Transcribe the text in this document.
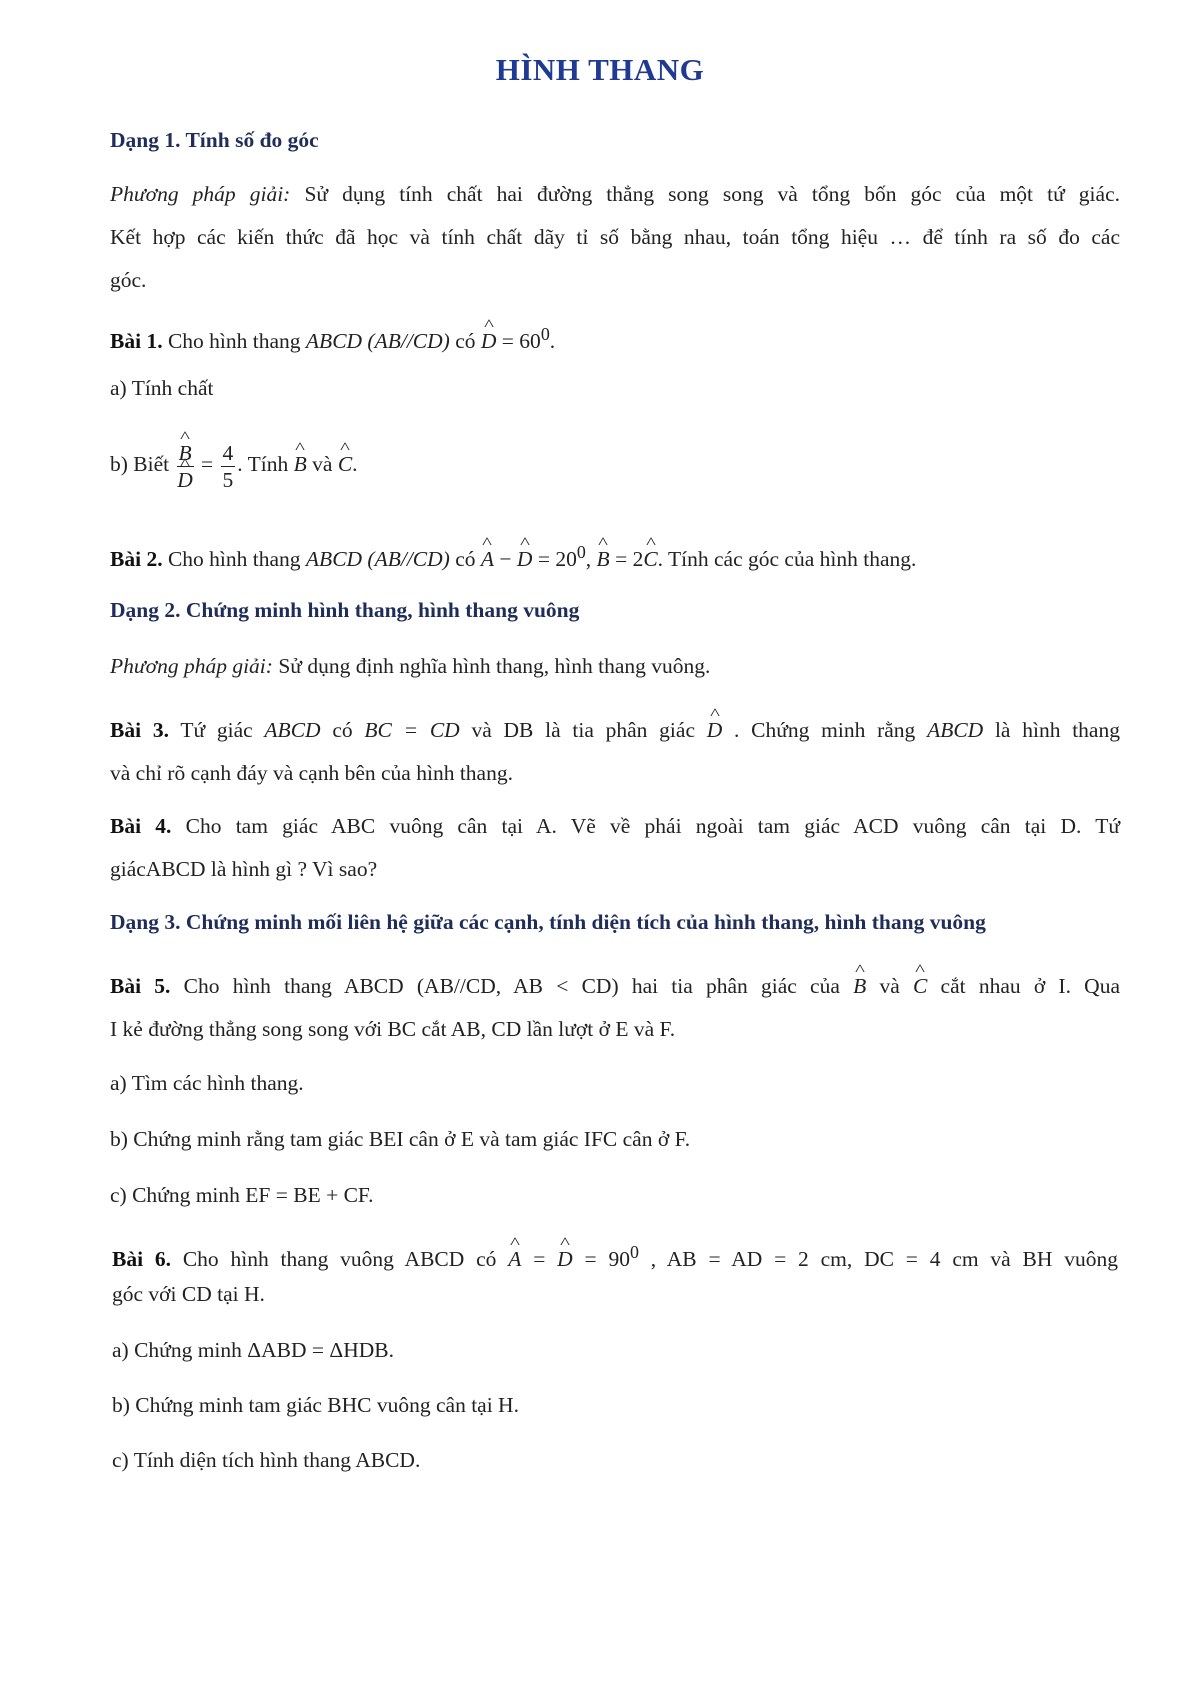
HÌNH THANG
Dạng 1. Tính số đo góc
Phương pháp giải: Sử dụng tính chất hai đường thẳng song song và tổng bốn góc của một tứ giác.
Kết hợp các kiến thức đã học và tính chất dãy tỉ số bằng nhau, toán tổng hiệu … để tính ra số đo các
góc.
Bài 1. Cho hình thang ABCD (AB//CD) có ^ $D = 60^0$.
a) Tính chất
b) Biết
^ B
^ $D = \frac{4}{5}$ . Tính ^ B và ^ C.
Bài 2. Cho hình thang ABCD (AB//CD) có ^ A − ^ $D = 20^0$, ^ B = 2^ C. Tính các góc của hình thang.
Dạng 2. Chứng minh hình thang, hình thang vuông
Phương pháp giải: Sử dụng định nghĩa hình thang, hình thang vuông.
Bài 3. Tứ giác ABCD có BC = CD và DB là tia phân giác ^ D . Chứng minh rằng ABCD là hình thang
và chỉ rõ cạnh đáy và cạnh bên của hình thang.
Bài 4. Cho tam giác ABC vuông cân tại A. Vẽ về phái ngoài tam giác ACD vuông cân tại D. Tứ
giácABCD là hình gì ? Vì sao?
Dạng 3. Chứng minh mối liên hệ giữa các cạnh, tính diện tích của hình thang, hình thang vuông
Bài 5. Cho hình thang ABCD (AB//CD, AB < CD) hai tia phân giác của ^ B và ^ C cắt nhau ở I. Qua
I kẻ đường thẳng song song với BC cắt AB, CD lần lượt ở E và F.
a) Tìm các hình thang.
b) Chứng minh rằng tam giác BEI cân ở E và tam giác IFC cân ở F.
c) Chứng minh EF = BE + CF.
Bài 6. Cho hình thang vuông ABCD có ^ A = ^ $D = 90^0$ , AB = AD = 2 cm, DC = 4 cm và BH vuông
góc với CD tại H.
a) Chứng minh ΔABD = ΔHDB.
b) Chứng minh tam giác BHC vuông cân tại H.
c) Tính diện tích hình thang ABCD.
